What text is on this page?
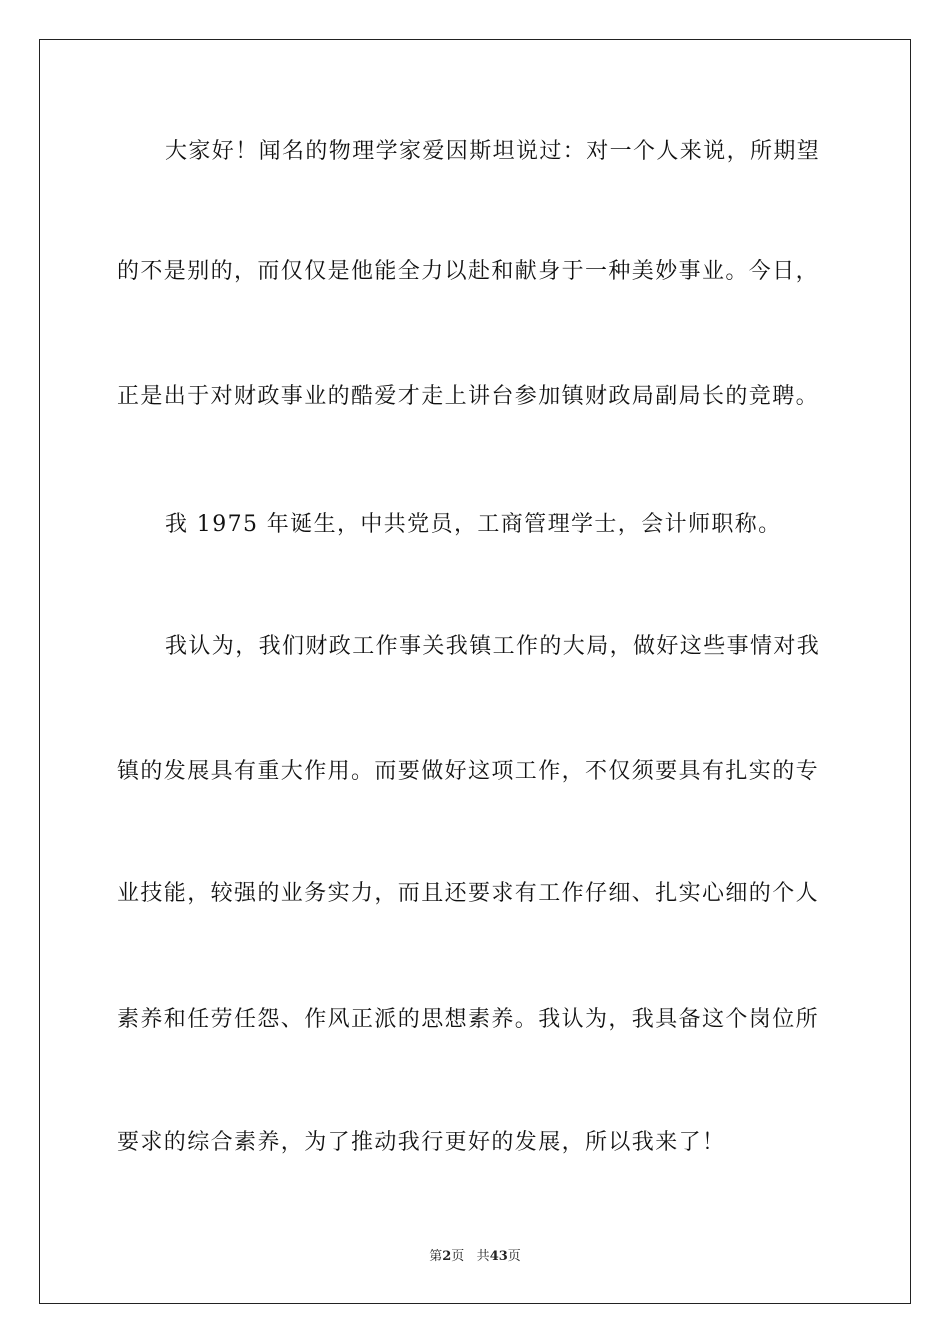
大家好！闻名的物理学家爱因斯坦说过：对一个人来说，所期望
的不是别的，而仅仅是他能全力以赴和献身于一种美妙事业。今日，
正是出于对财政事业的酷爱才走上讲台参加镇财政局副局长的竞聘。
我 1975 年诞生，中共党员，工商管理学士，会计师职称。
我认为，我们财政工作事关我镇工作的大局，做好这些事情对我
镇的发展具有重大作用。而要做好这项工作，不仅须要具有扎实的专
业技能，较强的业务实力，而且还要求有工作仔细、扎实心细的个人
素养和任劳任怨、作风正派的思想素养。我认为，我具备这个岗位所
要求的综合素养，为了推动我行更好的发展，所以我来了！
第2页 共43页
